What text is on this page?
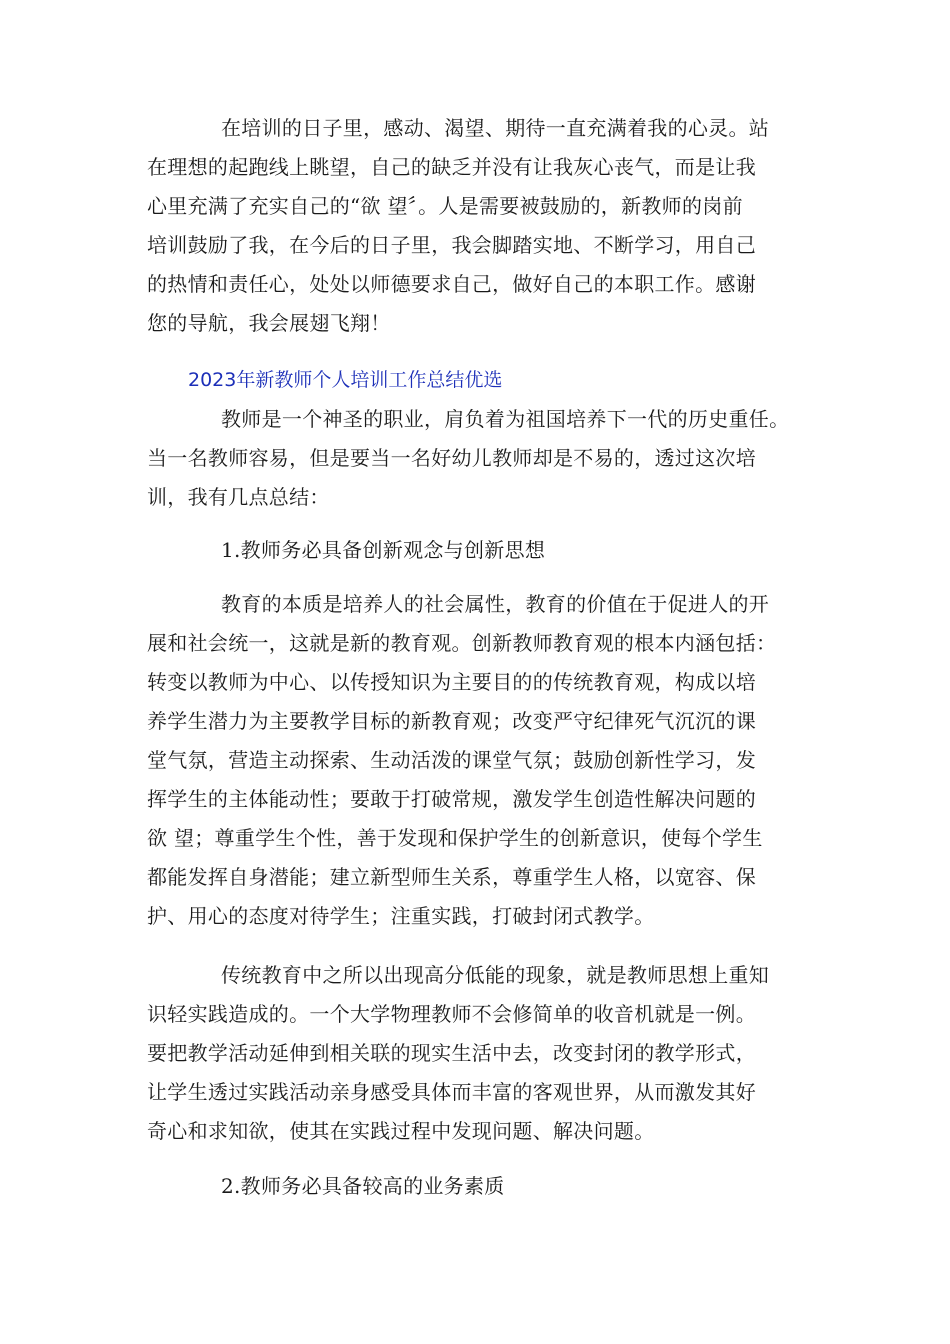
在培训的日子里，感动、渴望、期待一直充满着我的心灵。站
在理想的起跑线上眺望，自己的缺乏并没有让我灰心丧气，而是让我
心里充满了充实自己的“欲 望〞。人是需要被鼓励的，新教师的岗前
培训鼓励了我，在今后的日子里，我会脚踏实地、不断学习，用自己
的热情和责任心，处处以师德要求自己，做好自己的本职工作。感谢
您的导航，我会展翅飞翔！
2023年新教师个人培训工作总结优选
教师是一个神圣的职业，肩负着为祖国培养下一代的历史重任。
当一名教师容易，但是要当一名好幼儿教师却是不易的，透过这次培
训，我有几点总结：
1.教师务必具备创新观念与创新思想
教育的本质是培养人的社会属性，教育的价值在于促进人的开
展和社会统一，这就是新的教育观。创新教师教育观的根本内涵包括：
转变以教师为中心、以传授知识为主要目的的传统教育观，构成以培
养学生潜力为主要教学目标的新教育观；改变严守纪律死气沉沉的课
堂气氛，营造主动探索、生动活泼的课堂气氛；鼓励创新性学习，发
挥学生的主体能动性；要敢于打破常规，激发学生创造性解决问题的
欲 望；尊重学生个性，善于发现和保护学生的创新意识，使每个学生
都能发挥自身潜能；建立新型师生关系，尊重学生人格，以宽容、保
护、用心的态度对待学生；注重实践，打破封闭式教学。
传统教育中之所以出现高分低能的现象，就是教师思想上重知
识轻实践造成的。一个大学物理教师不会修简单的收音机就是一例。
要把教学活动延伸到相关联的现实生活中去，改变封闭的教学形式，
让学生透过实践活动亲身感受具体而丰富的客观世界，从而激发其好
奇心和求知欲，使其在实践过程中发现问题、解决问题。
2.教师务必具备较高的业务素质
